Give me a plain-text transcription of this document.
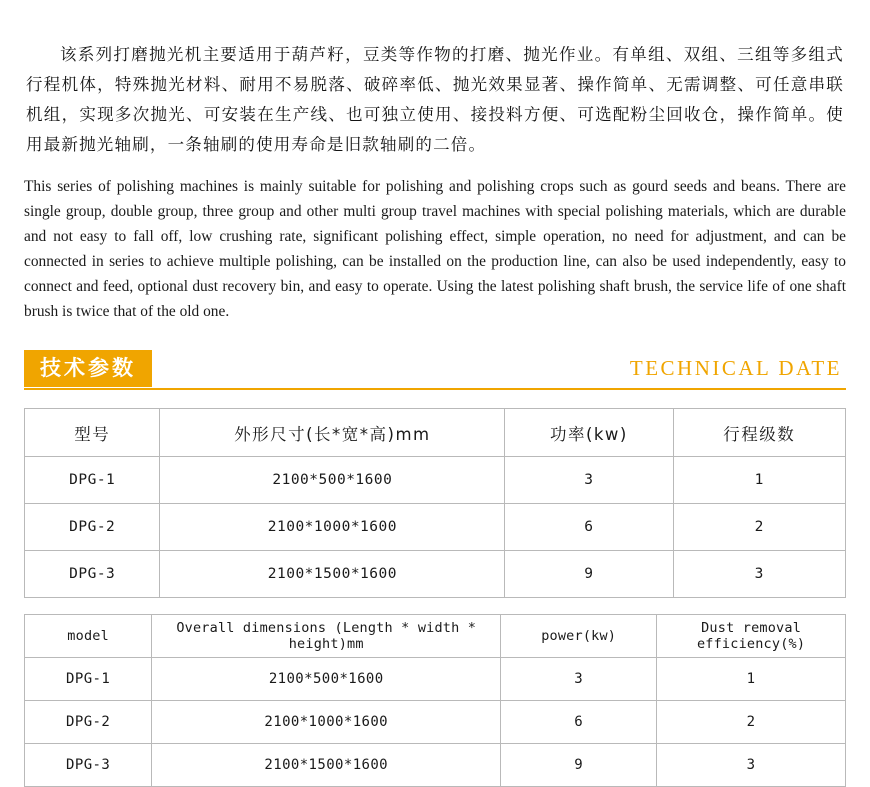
该系列打磨抛光机主要适用于葫芦籽，豆类等作物的打磨、抛光作业。有单组、双组、三组等多组式行程机体，特殊抛光材料、耐用不易脱落、破碎率低、抛光效果显著、操作简单、无需调整、可任意串联机组，实现多次抛光、可安装在生产线、也可独立使用、接投料方便、可选配粉尘回收仓，操作简单。使用最新抛光轴刷，一条轴刷的使用寿命是旧款轴刷的二倍。

This series of polishing machines is mainly suitable for polishing and polishing crops such as gourd seeds and beans. There are single group, double group, three group and other multi group travel machines with special polishing materials, which are durable and not easy to fall off, low crushing rate, significant polishing effect, simple operation, no need for adjustment, and can be connected in series to achieve multiple polishing, can be installed on the production line, can also be used independently, easy to connect and feed, optional dust recovery bin, and easy to operate. Using the latest polishing shaft brush, the service life of one shaft brush is twice that of the old one.

技术参数	TECHNICAL DATE
型号	外形尺寸(长*宽*高)mm	功率(kw)	行程级数
DPG-1	2100*500*1600	3	1
DPG-2	2100*1000*1600	6	2
DPG-3	2100*1500*1600	9	3
model	Overall dimensions (Length * width * height)mm	power(kw)	Dust removal efficiency(%)
DPG-1	2100*500*1600	3	1
DPG-2	2100*1000*1600	6	2
DPG-3	2100*1500*1600	9	3
